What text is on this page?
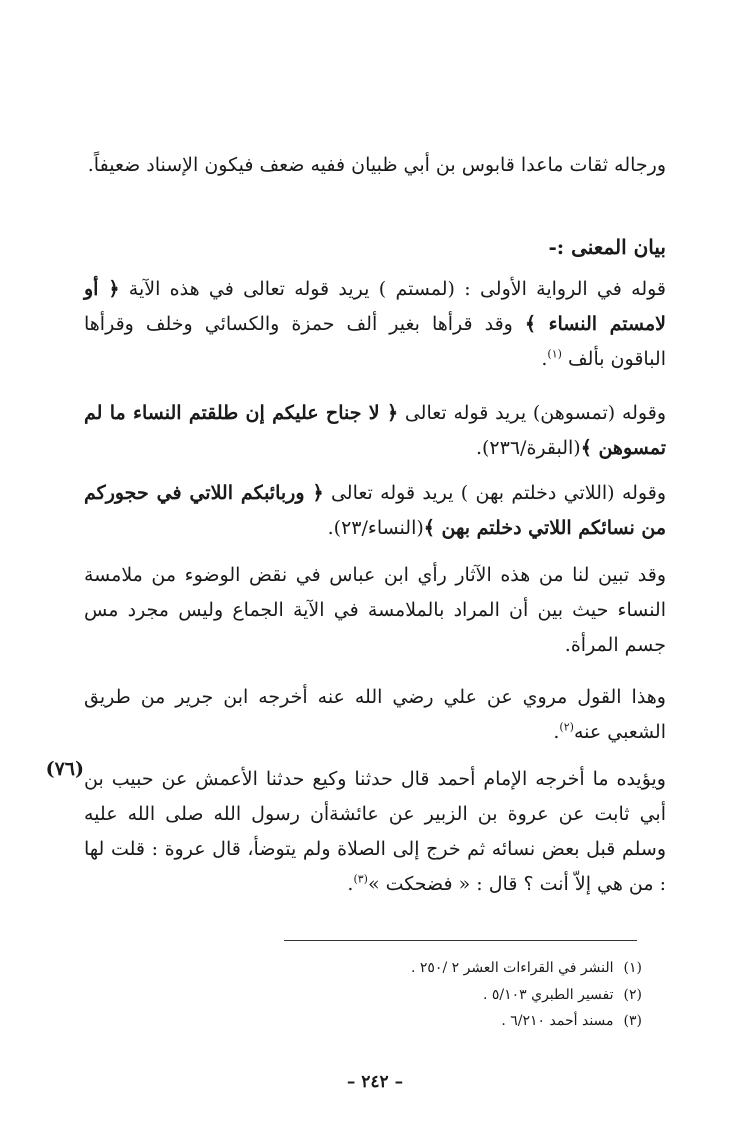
ورجاله ثقات ماعدا قابوس بن أبي ظبيان ففيه ضعف فيكون الإسناد ضعيفاً.

بيان المعنى :-

قوله في الرواية الأولى : (لمستم ) يريد قوله تعالى في هذه الآية ﴿ أو لامستم النساء ﴾ وقد قرأها بغير ألف حمزة والكسائي وخلف وقرأها الباقون بألف $^{(١)}$.

وقوله (تمسوهن) يريد قوله تعالى ﴿ لا جناح عليكم إن طلقتم النساء ما لم تمسوهن ﴾(البقرة/٢٣٦).

وقوله (اللاتي دخلتم بهن ) يريد قوله تعالى ﴿ وربائبكم اللاتي في حجوركم من نسائكم اللاتي دخلتم بهن ﴾(النساء/٢٣).

وقد تبين لنا من هذه الآثار رأي ابن عباس في نقض الوضوء من ملامسة النساء حيث بين أن المراد بالملامسة في الآية الجماع وليس مجرد مس جسم المرأة.

وهذا القول مروي عن علي رضي الله عنه أخرجه ابن جرير من طريق الشعبي عنه$^{(٢)}$.

(٧٦) ويؤيده ما أخرجه الإمام أحمد قال حدثنا وكيع حدثنا الأعمش عن حبيب بن أبي ثابت عن عروة بن الزبير عن عائشةأن رسول الله صلى الله عليه وسلم قبل بعض نسائه ثم خرج إلى الصلاة ولم يتوضأ، قال عروة : قلت لها : من هي إلاّ أنت ؟ قال : « فضحكت »$^{(٣)}$.

(١)النشر في القراءات العشر ٢ /٢٥٠ .
(٢)تفسير الطبري ٥/١٠٣ .
(٣)مسند أحمد ٦/٢١٠ .
– ٢٤٢ –
